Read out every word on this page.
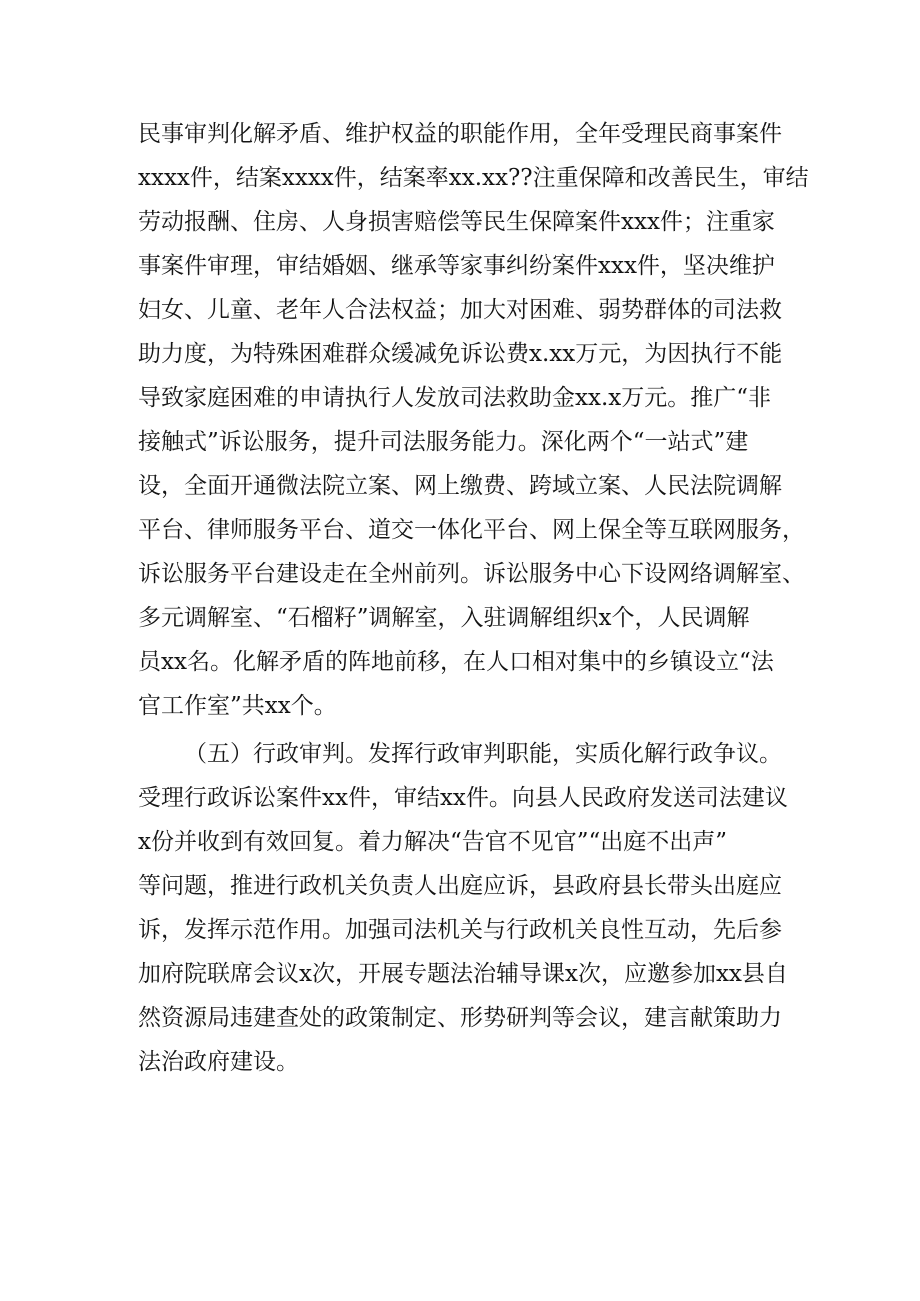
民事审判化解矛盾、维护权益的职能作用，全年受理民商事案件
xxxx件，结案xxxx件，结案率xx.xx??注重保障和改善民生，审结
劳动报酬、住房、人身损害赔偿等民生保障案件xxx件；注重家
事案件审理，审结婚姻、继承等家事纠纷案件xxx件，坚决维护
妇女、儿童、老年人合法权益；加大对困难、弱势群体的司法救
助力度，为特殊困难群众缓减免诉讼费x.xx万元，为因执行不能
导致家庭困难的申请执行人发放司法救助金xx.x万元。推广“非
接触式”诉讼服务，提升司法服务能力。深化两个“一站式”建
设，全面开通微法院立案、网上缴费、跨域立案、人民法院调解
平台、律师服务平台、道交一体化平台、网上保全等互联网服务，
诉讼服务平台建设走在全州前列。诉讼服务中心下设网络调解室、
多元调解室、“石榴籽”调解室，入驻调解组织x个，人民调解
员xx名。化解矛盾的阵地前移，在人口相对集中的乡镇设立“法
官工作室”共xx个。
（五）行政审判。发挥行政审判职能，实质化解行政争议。
受理行政诉讼案件xx件，审结xx件。向县人民政府发送司法建议
x份并收到有效回复。着力解决“告官不见官”“出庭不出声”
等问题，推进行政机关负责人出庭应诉，县政府县长带头出庭应
诉，发挥示范作用。加强司法机关与行政机关良性互动，先后参
加府院联席会议x次，开展专题法治辅导课x次，应邀参加xx县自
然资源局违建查处的政策制定、形势研判等会议，建言献策助力
法治政府建设。
